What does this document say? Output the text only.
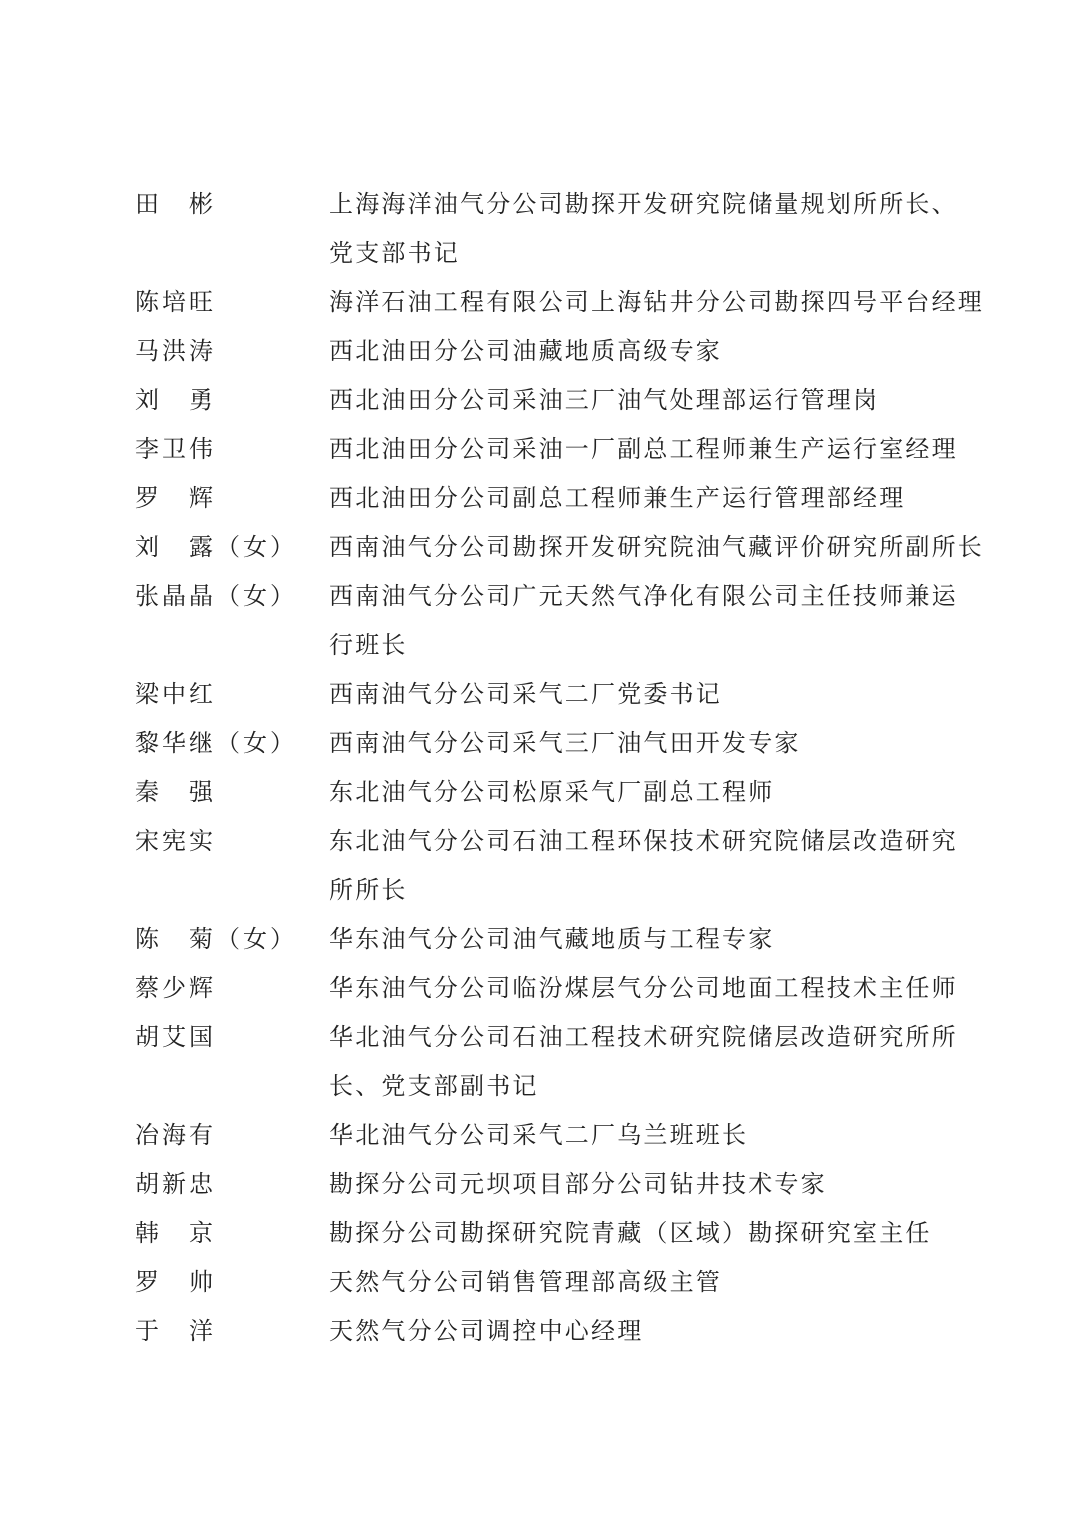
田　彬	上海海洋油气分公司勘探开发研究院储量规划所所长、
党支部书记
陈培旺	海洋石油工程有限公司上海钻井分公司勘探四号平台经理
马洪涛	西北油田分公司油藏地质高级专家
刘　勇	西北油田分公司采油三厂油气处理部运行管理岗
李卫伟	西北油田分公司采油一厂副总工程师兼生产运行室经理
罗　辉	西北油田分公司副总工程师兼生产运行管理部经理
刘　露（女）	西南油气分公司勘探开发研究院油气藏评价研究所副所长
张晶晶（女）	西南油气分公司广元天然气净化有限公司主任技师兼运
行班长
梁中红	西南油气分公司采气二厂党委书记
黎华继（女）	西南油气分公司采气三厂油气田开发专家
秦　强	东北油气分公司松原采气厂副总工程师
宋宪实	东北油气分公司石油工程环保技术研究院储层改造研究
所所长
陈　菊（女）	华东油气分公司油气藏地质与工程专家
蔡少辉	华东油气分公司临汾煤层气分公司地面工程技术主任师
胡艾国	华北油气分公司石油工程技术研究院储层改造研究所所
长、党支部副书记
冶海有	华北油气分公司采气二厂乌兰班班长
胡新忠	勘探分公司元坝项目部分公司钻井技术专家
韩　京	勘探分公司勘探研究院青藏（区域）勘探研究室主任
罗　帅	天然气分公司销售管理部高级主管
于　洋	天然气分公司调控中心经理
